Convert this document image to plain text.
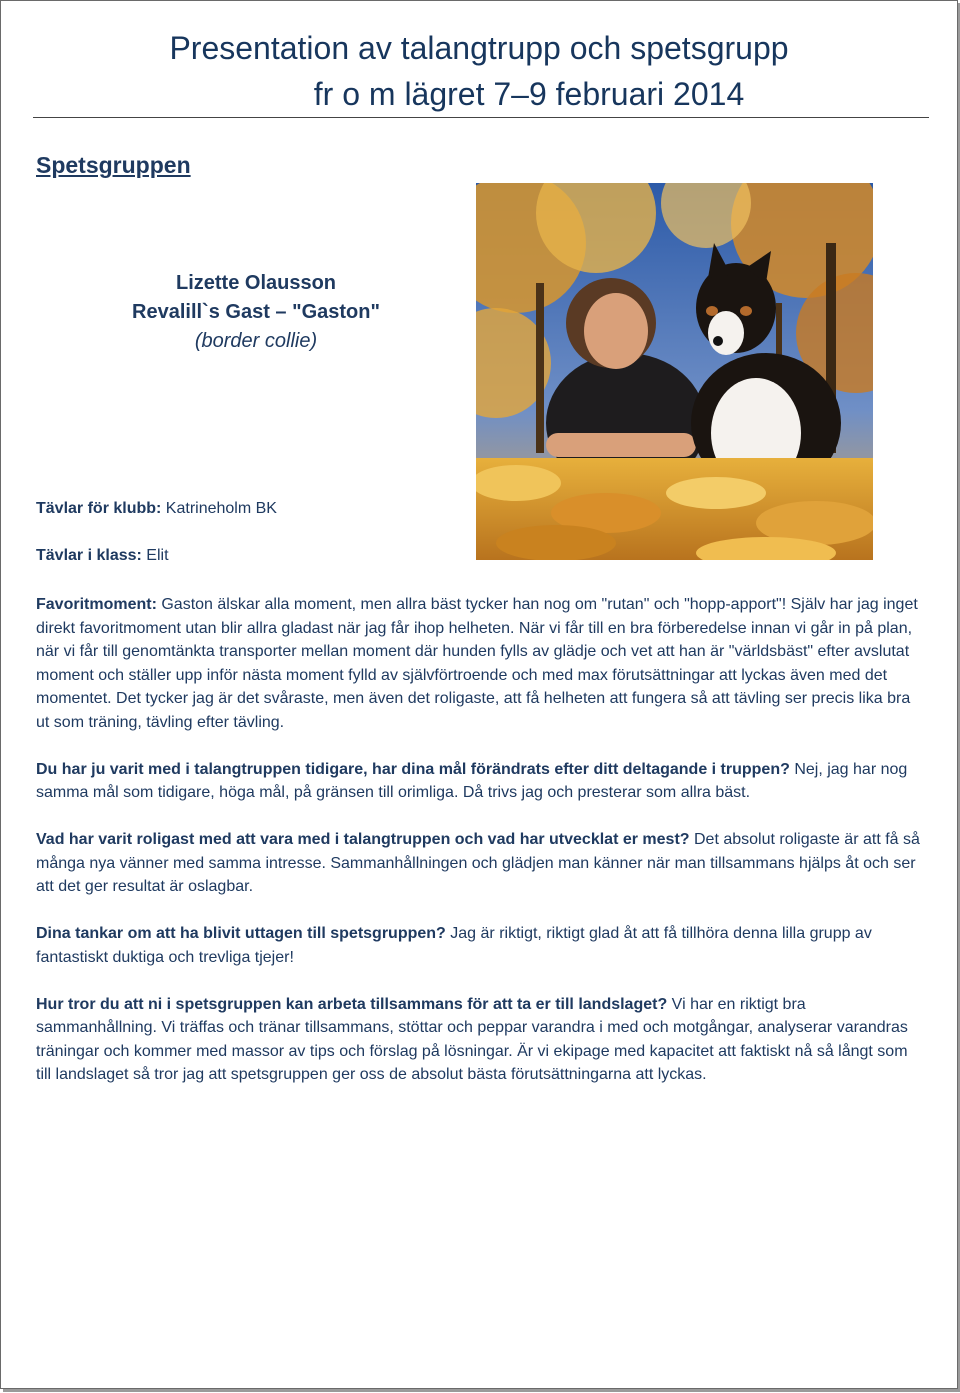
Presentation av talangtrupp och spetsgrupp
fr o m lägret 7–9 februari 2014
Spetsgruppen
Lizette Olausson
Revalill`s Gast – "Gaston"
(border collie)
Tävlar för klubb: Katrineholm BK
Tävlar i klass: Elit

Favoritmoment: Gaston älskar alla moment, men allra bäst tycker han nog om "rutan" och "hopp-apport"! Själv har jag inget direkt favoritmoment utan blir allra gladast när jag får ihop helheten. När vi får till en bra förberedelse innan vi går in på plan, när vi får till genomtänkta transporter mellan moment där hunden fylls av glädje och vet att han är "världsbäst" efter avslutat moment och ställer upp inför nästa moment fylld av självförtroende och med max förutsättningar att lyckas även med det momentet. Det tycker jag är det svåraste, men även det roligaste, att få helheten att fungera så att tävling ser precis lika bra ut som träning, tävling efter tävling.

Du har ju varit med i talangtruppen tidigare, har dina mål förändrats efter ditt deltagande i truppen? Nej, jag har nog samma mål som tidigare, höga mål, på gränsen till orimliga. Då trivs jag och presterar som allra bäst.

Vad har varit roligast med att vara med i talangtruppen och vad har utvecklat er mest? Det absolut roligaste är att få så många nya vänner med samma intresse. Sammanhållningen och glädjen man känner när man tillsammans hjälps åt och ser att det ger resultat är oslagbar.

Dina tankar om att ha blivit uttagen till spetsgruppen? Jag är riktigt, riktigt glad åt att få tillhöra denna lilla grupp av fantastiskt duktiga och trevliga tjejer!

Hur tror du att ni i spetsgruppen kan arbeta tillsammans för att ta er till landslaget? Vi har en riktigt bra sammanhållning. Vi träffas och tränar tillsammans, stöttar och peppar varandra i med och motgångar, analyserar varandras träningar och kommer med massor av tips och förslag på lösningar. Är vi ekipage med kapacitet att faktiskt nå så långt som till landslaget så tror jag att spetsgruppen ger oss de absolut bästa förutsättningarna att lyckas.
